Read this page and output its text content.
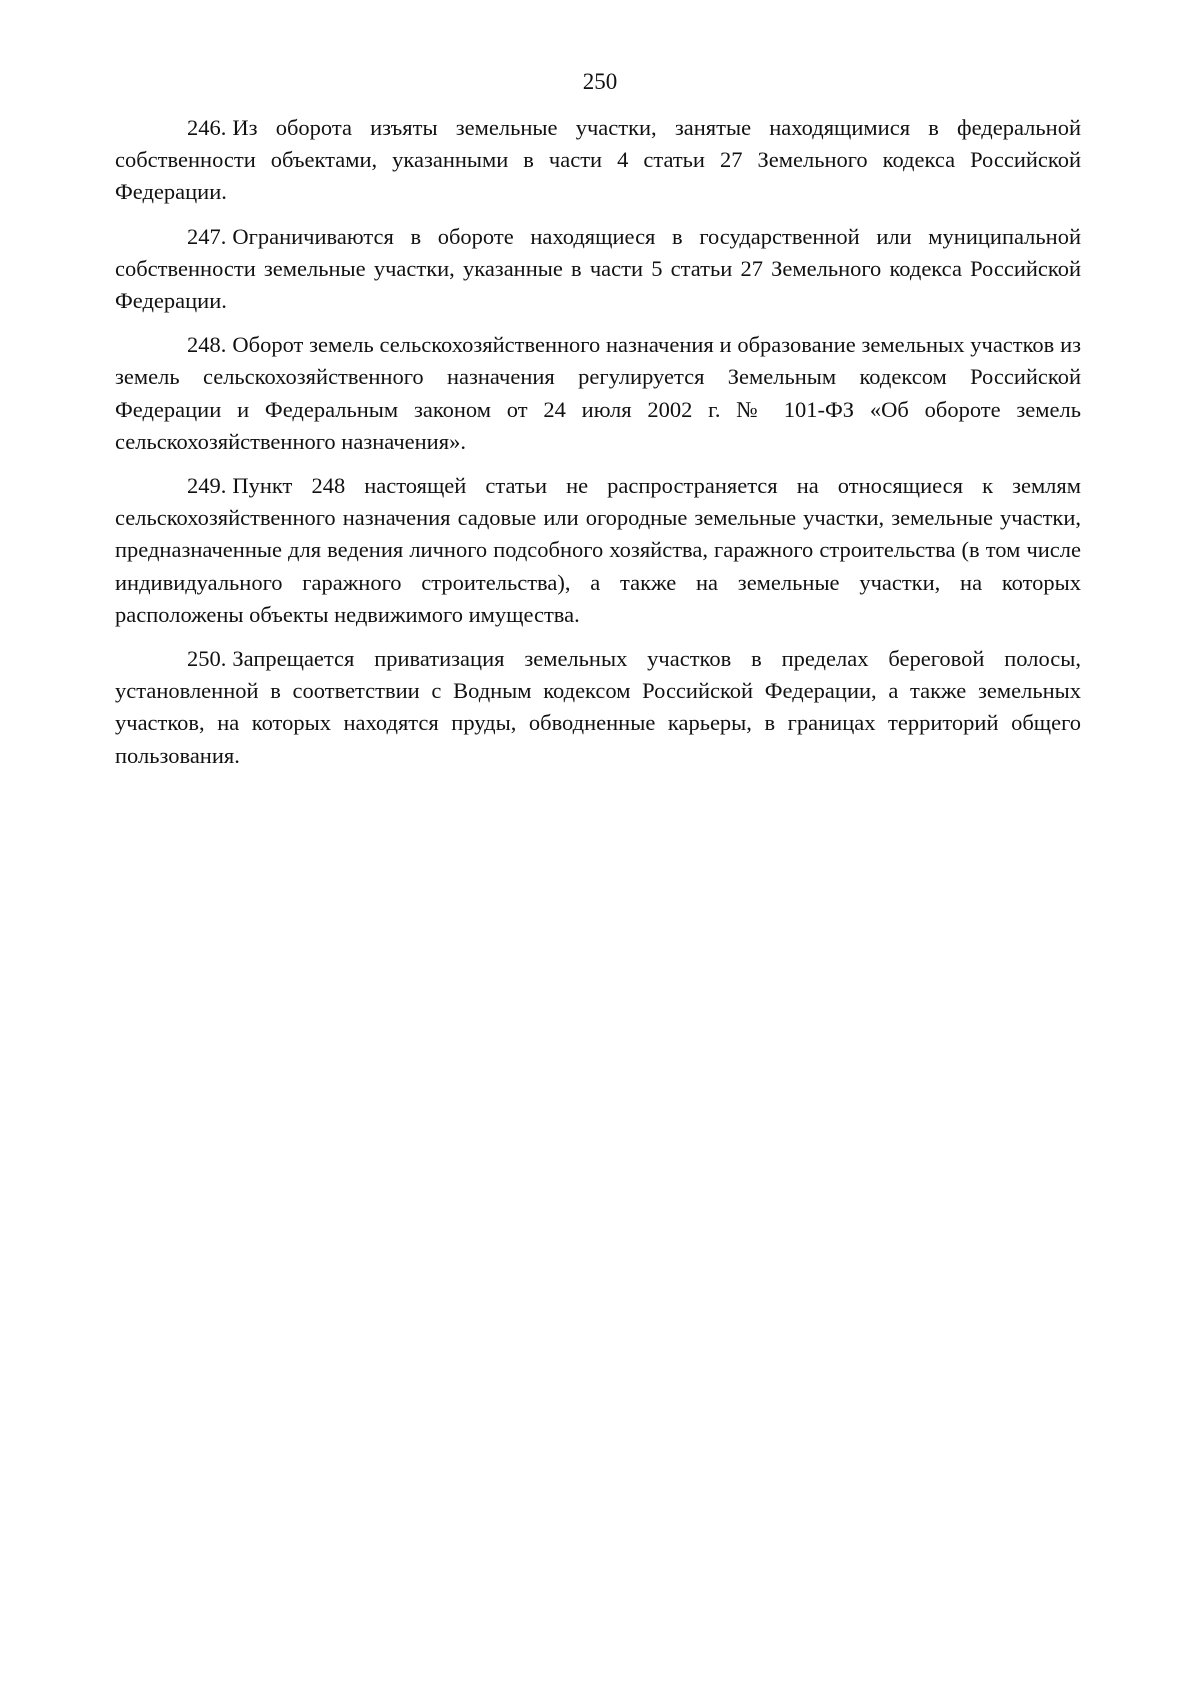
250

246. Из оборота изъяты земельные участки, занятые находящимися в федеральной собственности объектами, указанными в части 4 статьи 27 Земельного кодекса Российской Федерации.

247. Ограничиваются в обороте находящиеся в государственной или муниципальной собственности земельные участки, указанные в части 5 статьи 27 Земельного кодекса Российской Федерации.

248. Оборот земель сельскохозяйственного назначения и образование земельных участков из земель сельскохозяйственного назначения регулируется Земельным кодексом Российской Федерации и Федеральным законом от 24 июля 2002 г. № 101-ФЗ «Об обороте земель сельскохозяйственного назначения».

249. Пункт 248 настоящей статьи не распространяется на относящиеся к землям сельскохозяйственного назначения садовые или огородные земельные участки, земельные участки, предназначенные для ведения личного подсобного хозяйства, гаражного строительства (в том числе индивидуального гаражного строительства), а также на земельные участки, на которых расположены объекты недвижимого имущества.

250. Запрещается приватизация земельных участков в пределах береговой полосы, установленной в соответствии с Водным кодексом Российской Федерации, а также земельных участков, на которых находятся пруды, обводненные карьеры, в границах территорий общего пользования.
